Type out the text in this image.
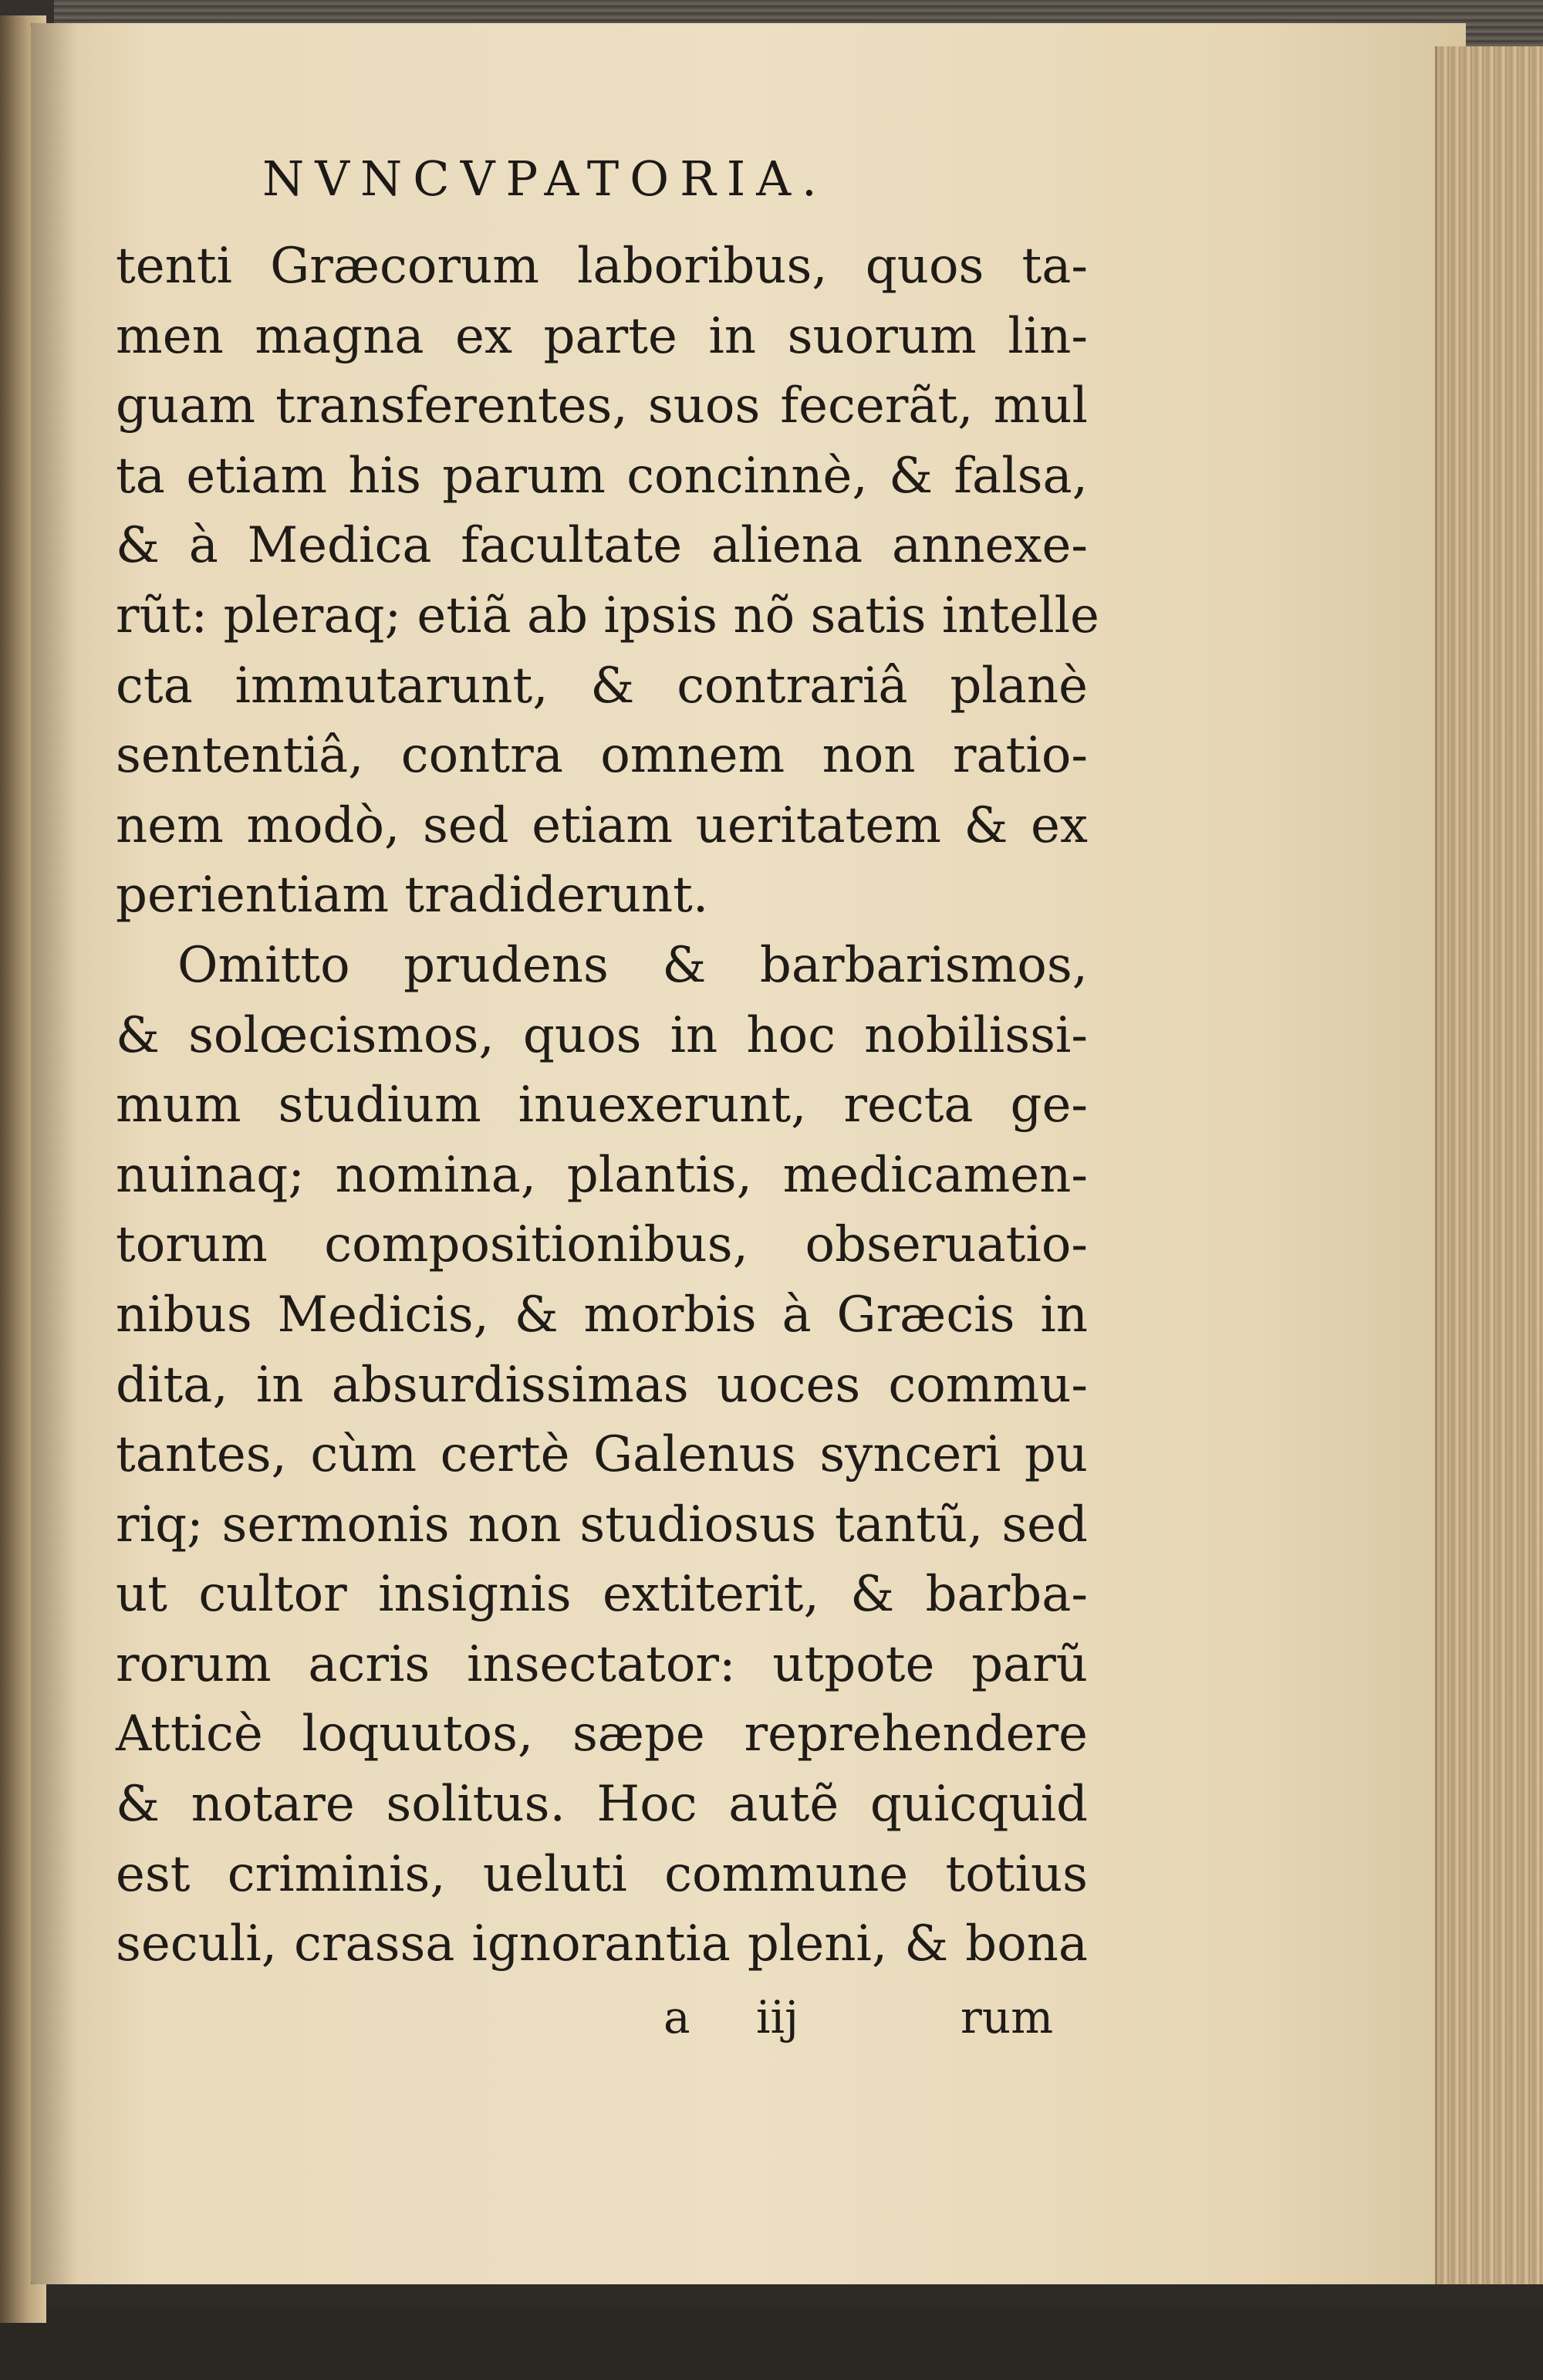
NVNCVPATORIA.
tenti Græcorum laboribus, quos ta-
men magna ex parte in suorum lin-
guam transferentes, suos fecerãt, mul
ta etiam his parum concinnè, & falsa,
& à Medica facultate aliena annexe-
rũt: pleraq; etiã ab ipsis nõ satis intelle
cta immutarunt, & contrariâ planè
sententiâ, contra omnem non ratio-
nem modò, sed etiam ueritatem & ex
perientiam tradiderunt.
Omitto prudens & barbarismos,
& solœcismos, quos in hoc nobilissi-
mum studium inuexerunt, recta ge-
nuinaq; nomina, plantis, medicamen-
torum compositionibus, obseruatio-
nibus Medicis, & morbis à Græcis in
dita, in absurdissimas uoces commu-
tantes, cùm certè Galenus synceri pu
riq; sermonis non studiosus tantũ, sed
ut cultor insignis extiterit, & barba-
rorum acris insectator: utpote parũ
Atticè loquutos, sæpe reprehendere
& notare solitus. Hoc autẽ quicquid
est criminis, ueluti commune totius
seculi, crassa ignorantia pleni, & bona
a iij	rum
